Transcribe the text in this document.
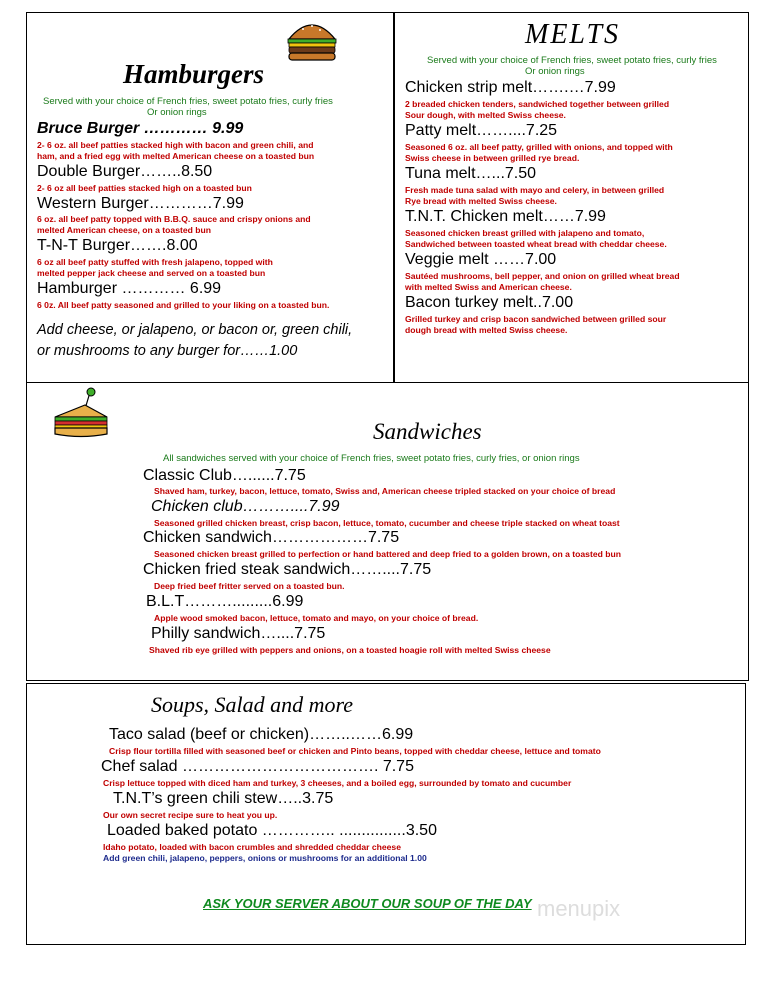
Hamburgers
Served with your choice of French fries, sweet potato fries, curly fries
Or onion rings
Bruce Burger ………… 9.99
2- 6 oz. all beef patties stacked high with bacon and green chili, and
ham, and a fried egg with melted American cheese on a toasted bun
Double Burger……..8.50
2- 6 oz all beef patties stacked high on a toasted bun
Western Burger…………7.99
6 oz. all beef patty topped with B.B.Q. sauce and crispy onions and
melted American cheese, on a toasted bun
T-N-T Burger…….8.00
6 oz all beef patty stuffed with fresh jalapeno, topped with
melted pepper jack cheese and served on a toasted bun
Hamburger ………… 6.99
6 0z. All beef patty seasoned and grilled to your liking on a toasted bun.
Add cheese, or jalapeno, or bacon or, green chili,
or mushrooms to any burger for……1.00
MELTS
Served with your choice of French fries, sweet potato fries, curly fries
Or onion rings
Chicken strip melt…….…7.99
2 breaded chicken tenders, sandwiched together between grilled
Sour dough, with melted Swiss cheese.
Patty melt……....7.25
Seasoned 6 oz. all beef patty, grilled with onions, and topped with
Swiss cheese in between grilled rye bread.
Tuna melt…...7.50
Fresh made tuna salad with mayo and celery, in between grilled
Rye bread with melted Swiss cheese.
T.N.T. Chicken melt……7.99
Seasoned chicken breast grilled with jalapeno and tomato,
Sandwiched between toasted wheat bread with cheddar cheese.
Veggie melt ……7.00
Sautéed mushrooms, bell pepper, and onion on grilled wheat bread
with melted Swiss and American cheese.
Bacon turkey melt..7.00
Grilled turkey and crisp bacon sandwiched between grilled sour
dough bread with melted Swiss cheese.
Sandwiches
All sandwiches served with your choice of French fries, sweet potato fries, curly fries, or onion rings
Classic Club…......7.75
Shaved ham, turkey, bacon, lettuce, tomato, Swiss and, American cheese tripled stacked on your choice of bread
Chicken club………....7.99
Seasoned grilled chicken breast, crisp bacon, lettuce, tomato, cucumber and cheese triple stacked on wheat toast
Chicken sandwich………………7.75
Seasoned chicken breast grilled to perfection or hand battered and deep fried to a golden brown, on a toasted bun
Chicken fried steak sandwich……....7.75
Deep fried beef fritter served on a toasted bun.
B.L.T……….........6.99
Apple wood smoked bacon, lettuce, tomato and mayo, on your choice of bread.
Philly sandwich…....7.75
Shaved rib eye grilled with peppers and onions, on a toasted hoagie roll with melted Swiss cheese
Soups, Salad and more
Taco salad (beef or chicken)……..……6.99
Crisp flour tortilla filled with seasoned beef or chicken and Pinto beans, topped with cheddar cheese, lettuce and tomato
Chef salad ………………………………. 7.75
Crisp lettuce topped with diced ham and turkey, 3 cheeses, and a boiled egg, surrounded by tomato and cucumber
T.N.T’s green chili stew…..3.75
Our own secret recipe sure to heat you up.
Loaded baked potato ………….. ...............3.50
Idaho potato, loaded with bacon crumbles and shredded cheddar cheese
Add green chili, jalapeno, peppers, onions or mushrooms for an additional 1.00
ASK YOUR SERVER ABOUT OUR SOUP OF THE DAY menupix
